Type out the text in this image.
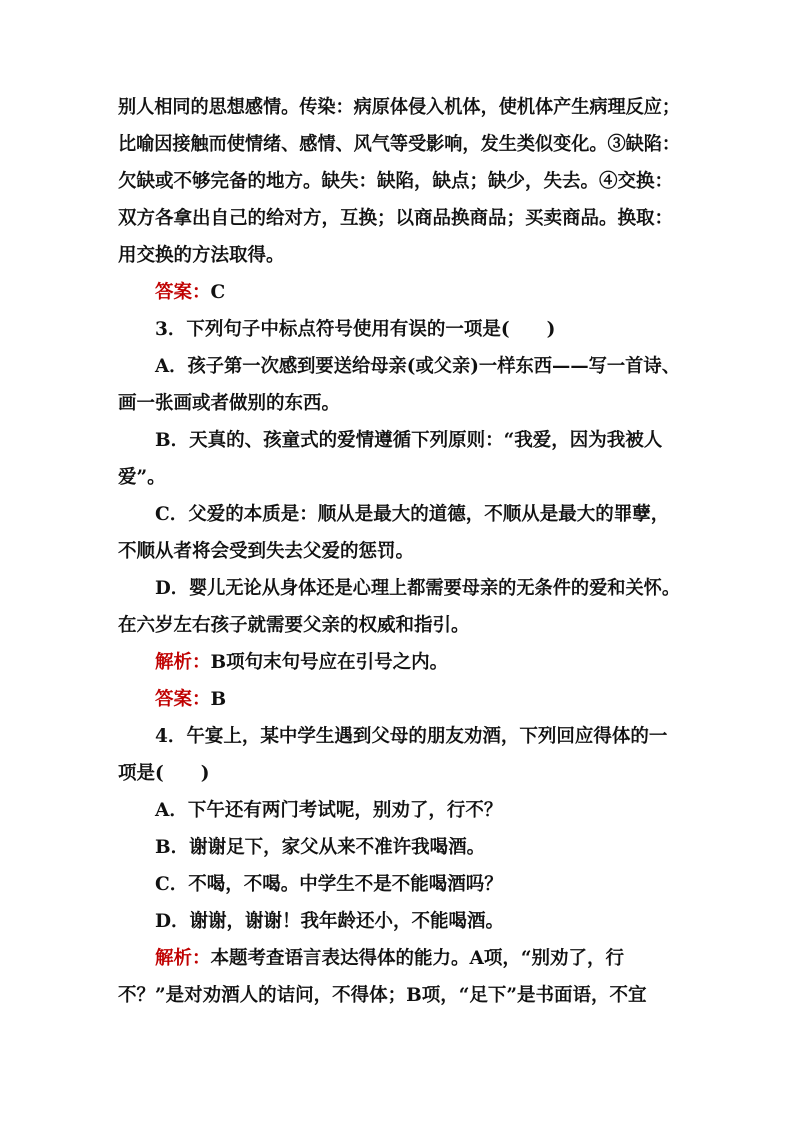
别人相同的思想感情。传染：病原体侵入机体，使机体产生病理反应；
比喻因接触而使情绪、感情、风气等受影响，发生类似变化。③缺陷：
欠缺或不够完备的地方。缺失：缺陷，缺点；缺少，失去。④交换：
双方各拿出自己的给对方，互换；以商品换商品；买卖商品。换取：
用交换的方法取得。
答案：C
3．下列句子中标点符号使用有误的一项是(　　)
A．孩子第一次感到要送给母亲(或父亲)一样东西——写一首诗、
画一张画或者做别的东西。
B．天真的、孩童式的爱情遵循下列原则：“我爱，因为我被人
爱”。
C．父爱的本质是：顺从是最大的道德，不顺从是最大的罪孽，
不顺从者将会受到失去父爱的惩罚。
D．婴儿无论从身体还是心理上都需要母亲的无条件的爱和关怀。
在六岁左右孩子就需要父亲的权威和指引。
解析：B项句末句号应在引号之内。
答案：B
4．午宴上，某中学生遇到父母的朋友劝酒，下列回应得体的一
项是(　　)
A．下午还有两门考试呢，别劝了，行不？
B．谢谢足下，家父从来不准许我喝酒。
C．不喝，不喝。中学生不是不能喝酒吗？
D．谢谢，谢谢！我年龄还小，不能喝酒。
解析：本题考查语言表达得体的能力。A项，“别劝了，行
不？”是对劝酒人的诘问，不得体；B项，“足下”是书面语，不宜
